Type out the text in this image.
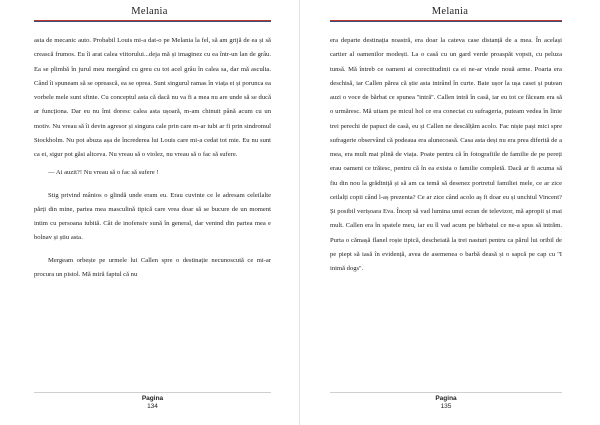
Melania

asta de mecanic auto. Probabil Louis mi-a dat-o pe Melania la fel, să am grijă de ea și să crească frumos. Eu îi arat calea viitorului...deja mă și imaginez cu ea într-un lan de grâu. Ea se plimbă în jurul meu mergând cu greu cu tot acel grâu în calea sa, dar mă asculta. Când îi spuneam să se oprească, ea se oprea. Sunt singurul ramas în viața ei și porunca ea vorbele mele sunt sfinte. Cu conceptul asta că dacă nu va fi a mea nu are unde să se ducă ar funcționa. Dar eu nu îmi doresc calea asta ușoară, m-am chinuit până acum cu un motiv. Nu vreau să îi devin agresor și singura cale prin care m-ar iubi ar fi prin sindromul Stockholm. Nu pot abuza așa de încrederea lui Louis care mi-a cedat tot mie. Eu nu sunt ca ei, sigur pot găsi altceva. Nu vreau să o violez, nu vreau să o fac să sufere.

— Ai auzit?! Nu vreau să o fac să sufere !

Stig privind mânios o glindă unde eram eu. Erau cuvinte ce le adresam celeilalte părți din mine, partea mea masculină tipică care vrea doar să se bucure de un moment intim cu persoana iubită. Cât de inofensiv sună în general, dar venind din partea mea e bolnav și știu asta.

Mergeam orbește pe urmele lui Callen spre o destinație necunoscută ce mi-ar procura un pistol. Mă miră faptul că nu

Pagina
134
Melania

era departe destinația noastră, era doar la cateva case distanță de a mea. În același cartier al oamenilor modești. La o casă cu un gard verde proaspăt vopsit, cu peluza tunsă. Mă întreb ce oameni ai corectitudinii ca ei ne-ar vinde nouă arme. Poarta era deschisă, iar Callen părea că știe asta intrând în curte. Bate ușor la ușa casei și putean auzi o voce de bărbat ce spunea ''intră''. Callen intră în casă, iar eu tot ce făceam era să o urmăresc. Mă uitam pe micul hol ce era conectat cu sufrageria, puteam vedea în linie trei perechi de papuci de casă, eu și Callen ne descălțăm acolo. Fac niște pași mici spre sufragerie observând că podeaua era alunecoasă. Casa asta deși nu era prea diferită de a mea, era mult mai plină de viața. Poate pentru că în fotografiile de familie de pe pereți erau oameni ce trăiesc, pentru că în ea exista o familie completă. Dacă ar fi acuma să fiu din nou la grădiniță și să am ca temă să desenez portretul familiei mele, ce ar zice ceilalți copii când l-aș prezenta? Ce ar zice când acolo aș fi doar eu și unchiul Vincent? Și posibil verișoara Eva. Încep să vad lumina unui ecran de televizor, mă apropii și mai mult. Callen era în spatele meu, iar eu îl vad acum pe bărbatul ce ne-a spus să intrăm. Purta o cămașă flanel roșie tipică, descheiată la trei nasturi pentru ca părul lui oribil de pe piept să iasă în evidență, avea de asemenea o barbă deasă și o sapcă pe cap cu ''I inimă dogs''.

Pagina
135
